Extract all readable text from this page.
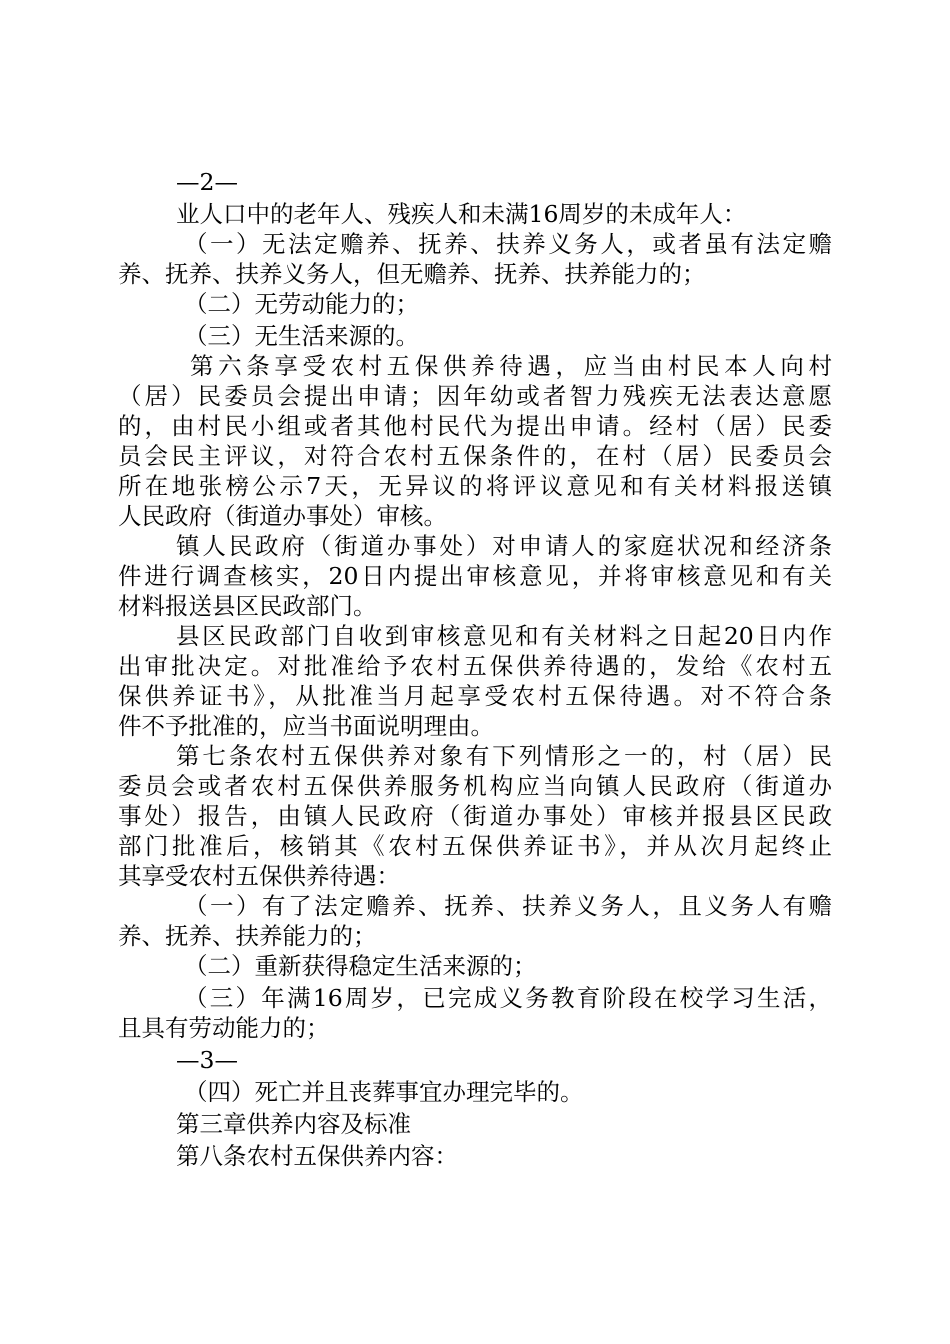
—2—
业人口中的老年人、残疾人和未满16周岁的未成年人：
（一）无法定赡养、抚养、扶养义务人，或者虽有法定赡
养、抚养、扶养义务人，但无赡养、抚养、扶养能力的；
（二）无劳动能力的；
（三）无生活来源的。
第六条享受农村五保供养待遇，应当由村民本人向村
（居）民委员会提出申请；因年幼或者智力残疾无法表达意愿
的，由村民小组或者其他村民代为提出申请。经村（居）民委
员会民主评议，对符合农村五保条件的，在村（居）民委员会
所在地张榜公示7天，无异议的将评议意见和有关材料报送镇
人民政府（街道办事处）审核。
镇人民政府（街道办事处）对申请人的家庭状况和经济条
件进行调查核实，20日内提出审核意见，并将审核意见和有关
材料报送县区民政部门。
县区民政部门自收到审核意见和有关材料之日起20日内作
出审批决定。对批准给予农村五保供养待遇的，发给《农村五
保供养证书》，从批准当月起享受农村五保待遇。对不符合条
件不予批准的，应当书面说明理由。
第七条农村五保供养对象有下列情形之一的，村（居）民
委员会或者农村五保供养服务机构应当向镇人民政府（街道办
事处）报告，由镇人民政府（街道办事处）审核并报县区民政
部门批准后，核销其《农村五保供养证书》，并从次月起终止
其享受农村五保供养待遇：
（一）有了法定赡养、抚养、扶养义务人，且义务人有赡
养、抚养、扶养能力的；
（二）重新获得稳定生活来源的；
（三）年满16周岁，已完成义务教育阶段在校学习生活，
且具有劳动能力的；
—3—
（四）死亡并且丧葬事宜办理完毕的。
第三章供养内容及标准
第八条农村五保供养内容：
